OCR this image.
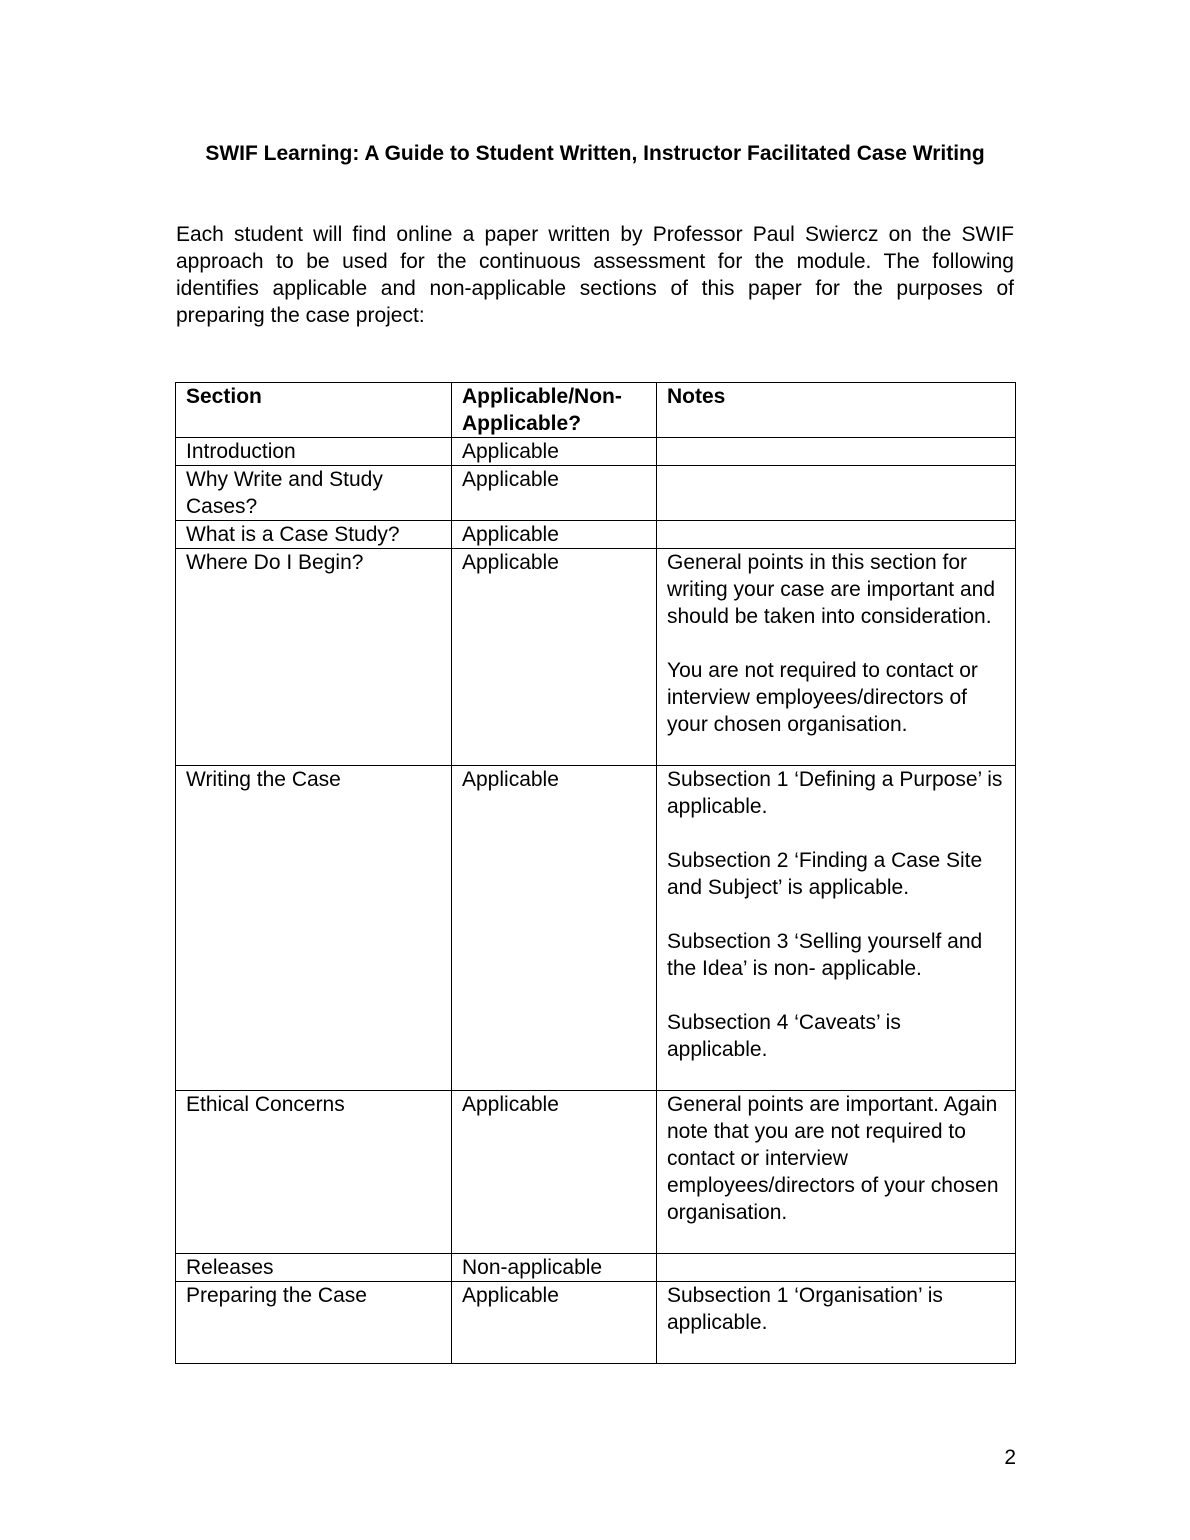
SWIF Learning: A Guide to Student Written, Instructor Facilitated Case Writing

Each student will find online a paper written by Professor Paul Swiercz on the SWIF approach to be used for the continuous assessment for the module. The following identifies applicable and non-applicable sections of this paper for the purposes of preparing the case project:

Section	Applicable/Non-Applicable?	Notes
Introduction	Applicable	
Why Write and Study Cases?	Applicable	
What is a Case Study?	Applicable	
Where Do I Begin?	Applicable	General points in this section for writing your case are important and should be taken into consideration.

You are not required to contact or interview employees/directors of your chosen organisation.

Writing the Case	Applicable	Subsection 1 ‘Defining a Purpose’ is applicable.

Subsection 2 ‘Finding a Case Site and Subject’ is applicable.

Subsection 3 ‘Selling yourself and the Idea’ is non- applicable.

Subsection 4 ‘Caveats’ is applicable.

Ethical Concerns	Applicable	General points are important. Again note that you are not required to contact or interview employees/directors of your chosen organisation.

Releases	Non-applicable	
Preparing the Case	Applicable	Subsection 1 ‘Organisation’ is applicable.

2
